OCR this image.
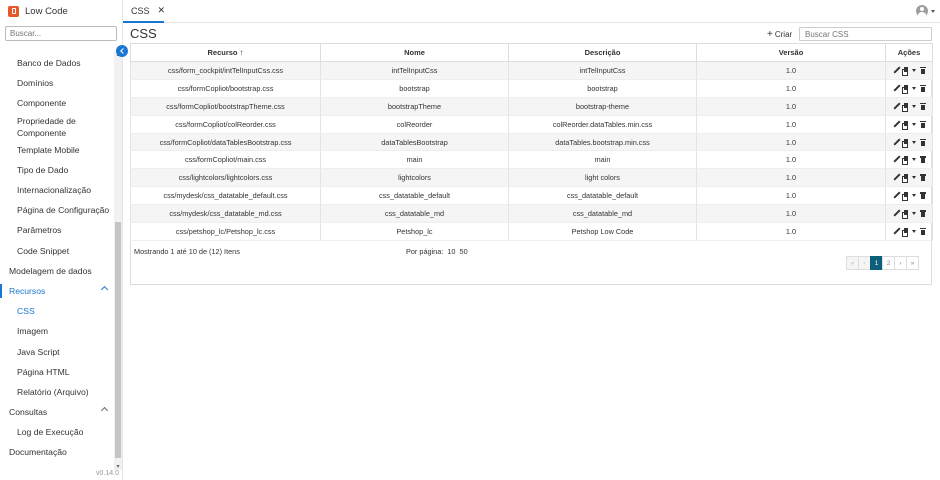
Low Code
Buscar...
Banco de Dados
Domínios
Componente
Propriedade de Componente
Template Mobile
Tipo de Dado
Internacionalização
Página de Configuração
Parâmetros
Code Snippet
Modelagem de dados
Recursos
CSS
Imagem
Java Script
Página HTML
Relatório (Arquivo)
Consultas
Log de Execução
Documentação
▾
v0.14.0
CSS ✕
CSS	+ Criar
Buscar CSS
Recurso ↑	Nome	Descrição	Versão	Ações
css/form_cockpit/intTelInputCss.css	intTelInputCss	intTelInputCss	1.0	

css/formCopliot/bootstrap.css	bootstrap	bootstrap	1.0	

css/formCopliot/bootstrapTheme.css	bootstrapTheme	bootstrap-theme	1.0	

css/formCopliot/colReorder.css	colReorder	colReorder.dataTables.min.css	1.0	

css/formCopliot/dataTablesBootstrap.css	dataTablesBootstrap	dataTables.bootstrap.min.css	1.0	

css/formCopliot/main.css	main	main	1.0	

css/lightcolors/lightcolors.css	lightcolors	light colors	1.0	

css/mydesk/css_datatable_default.css	css_datatable_default	css_datatable_default	1.0	

css/mydesk/css_datatable_md.css	css_datatable_md	css_datatable_md	1.0	

css/petshop_lc/Petshop_lc.css	Petshop_lc	Petshop Low Code	1.0	
Mostrando 1 até 10 de (12) Itens	Por página: 10 50
«	‹	1	2	›	»
